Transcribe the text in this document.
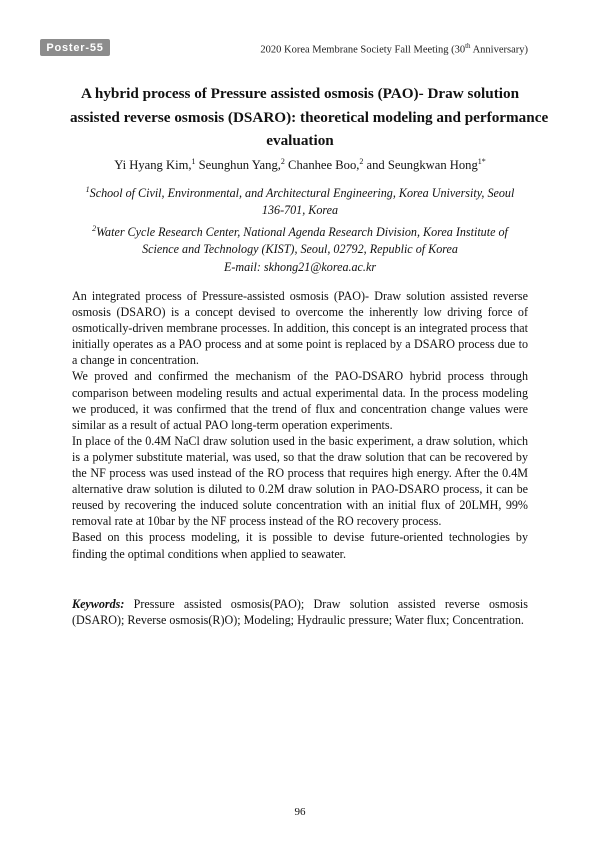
Poster-55	2020 Korea Membrane Society Fall Meeting (30th Anniversary)
A hybrid process of Pressure assisted osmosis (PAO)- Draw solution
assisted reverse osmosis (DSARO): theoretical modeling and performance
evaluation
Yi Hyang Kim,$^1$ Seunghun Yang,$^2$ Chanhee Boo,$^2$ and Seungkwan Hong$^{1*}$
$^1$School of Civil, Environmental, and Architectural Engineering, Korea University, Seoul
136-701, Korea
$^2$Water Cycle Research Center, National Agenda Research Division, Korea Institute of
Science and Technology (KIST), Seoul, 02792, Republic of Korea
E-mail: skhong21@korea.ac.kr

An integrated process of Pressure-assisted osmosis (PAO)- Draw solution assisted reverse osmosis (DSARO) is a concept devised to overcome the inherently low driving force of osmotically-driven membrane processes. In addition, this concept is an integrated process that initially operates as a PAO process and at some point is replaced by a DSARO process due to a change in concentration.

We proved and confirmed the mechanism of the PAO-DSARO hybrid process through comparison between modeling results and actual experimental data. In the process modeling we produced, it was confirmed that the trend of flux and concentration change values were similar as a result of actual PAO long-term operation experiments.

In place of the 0.4M NaCl draw solution used in the basic experiment, a draw solution, which is a polymer substitute material, was used, so that the draw solution that can be recovered by the NF process was used instead of the RO process that requires high energy. After the 0.4M alternative draw solution is diluted to 0.2M draw solution in PAO-DSARO process, it can be reused by recovering the induced solute concentration with an initial flux of 20LMH, 99% removal rate at 10bar by the NF process instead of the RO recovery process.

Based on this process modeling, it is possible to devise future-oriented technologies by finding the optimal conditions when applied to seawater.

Keywords: Pressure assisted osmosis(PAO); Draw solution assisted reverse osmosis (DSARO); Reverse osmosis(R)O); Modeling; Hydraulic pressure; Water flux; Concentration.
96
